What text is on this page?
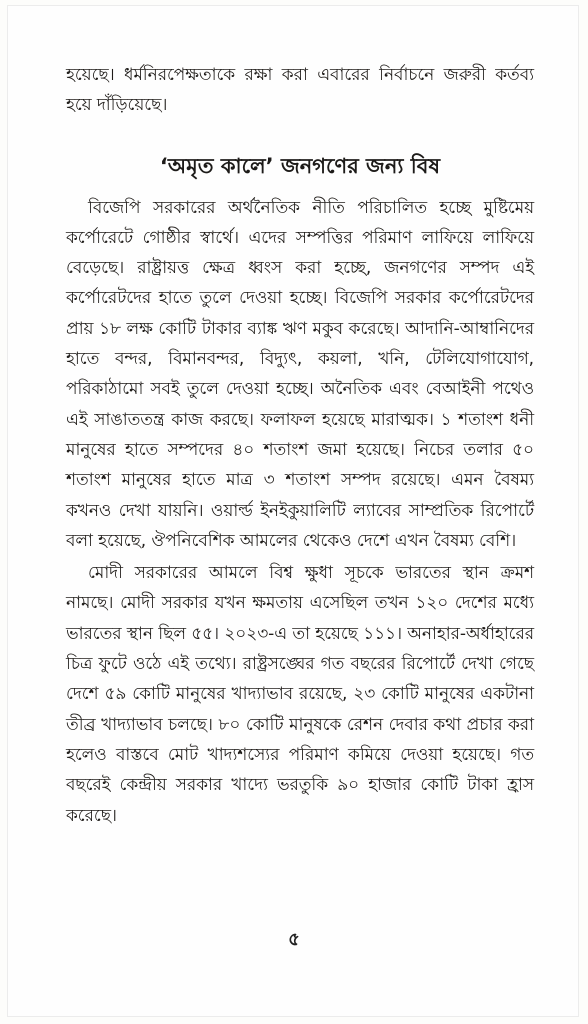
হয়েছে। ধর্মনিরপেক্ষতাকে রক্ষা করা এবারের নির্বাচনে জরুরী কর্তব্য হয়ে দাঁড়িয়েছে।

‘অমৃত কালে’ জনগণের জন্য বিষ

বিজেপি সরকারের অর্থনৈতিক নীতি পরিচালিত হচ্ছে মুষ্টিমেয় কর্পোরেটে গোষ্ঠীর স্বার্থে। এদের সম্পত্তির পরিমাণ লাফিয়ে লাফিয়ে বেড়েছে। রাষ্ট্রায়ত্ত ক্ষেত্র ধ্বংস করা হচ্ছে, জনগণের সম্পদ এই কর্পোরেটদের হাতে তুলে দেওয়া হচ্ছে। বিজেপি সরকার কর্পোরেটদের প্রায় ১৮ লক্ষ কোটি টাকার ব্যাঙ্ক ঋণ মকুব করেছে। আদানি-আম্বানিদের হাতে বন্দর, বিমানবন্দর, বিদ্যুৎ, কয়লা, খনি, টেলিযোগাযোগ, পরিকাঠামো সবই তুলে দেওয়া হচ্ছে। অনৈতিক এবং বেআইনী পথেও এই সাঙাততন্ত্র কাজ করছে। ফলাফল হয়েছে মারাত্মক। ১ শতাংশ ধনী মানুষের হাতে সম্পদের ৪০ শতাংশ জমা হয়েছে। নিচের তলার ৫০ শতাংশ মানুষের হাতে মাত্র ৩ শতাংশ সম্পদ রয়েছে। এমন বৈষম্য কখনও দেখা যায়নি। ওয়ার্ল্ড ইনইকুয়ালিটি ল্যাবের সাম্প্রতিক রিপোর্টে বলা হয়েছে, ঔপনিবেশিক আমলের থেকেও দেশে এখন বৈষম্য বেশি।

মোদী সরকারের আমলে বিশ্ব ক্ষুধা সূচকে ভারতের স্থান ক্রমশ নামছে। মোদী সরকার যখন ক্ষমতায় এসেছিল তখন ১২০ দেশের মধ্যে ভারতের স্থান ছিল ৫৫। ২০২৩-এ তা হয়েছে ১১১। অনাহার-অর্ধাহারের চিত্র ফুটে ওঠে এই তথ্যে। রাষ্ট্রসঙ্ঘের গত বছরের রিপোর্টে দেখা গেছে দেশে ৫৯ কোটি মানুষের খাদ্যাভাব রয়েছে, ২৩ কোটি মানুষের একটানা তীব্র খাদ্যাভাব চলছে। ৮০ কোটি মানুষকে রেশন দেবার কথা প্রচার করা হলেও বাস্তবে মোট খাদ্যশস্যের পরিমাণ কমিয়ে দেওয়া হয়েছে। গত বছরেই কেন্দ্রীয় সরকার খাদ্যে ভরতুকি ৯০ হাজার কোটি টাকা হ্রাস করেছে।

৫
